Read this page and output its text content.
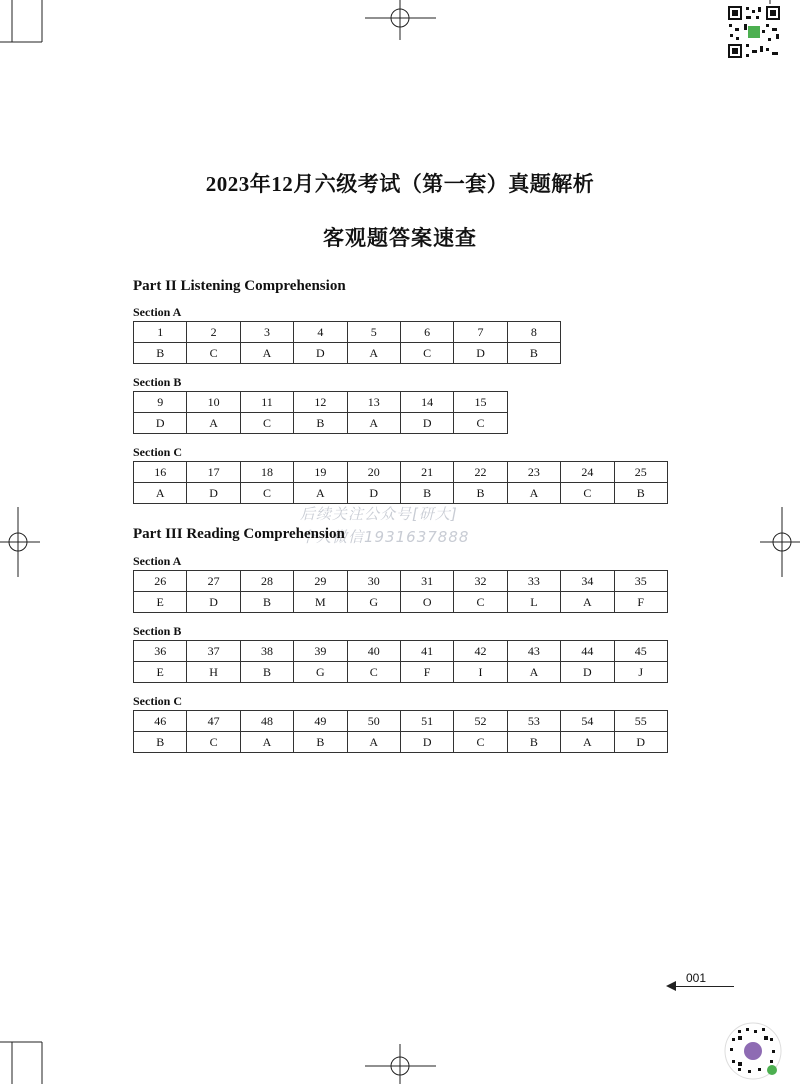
2023年12月六级考试（第一套）真题解析
客观题答案速查
Part II Listening Comprehension
Section A
1	2	3	4	5	6	7	8
B	C	A	D	A	C	D	B
Section B
9	10	11	12	13	14	15
D	A	C	B	A	D	C
Section C
16	17	18	19	20	21	22	23	24	25
A	D	C	A	D	B	B	A	C	B
后续关注公众号[研大]
个人微信1931637888
Part III Reading Comprehension
Section A
26	27	28	29	30	31	32	33	34	35
E	D	B	M	G	O	C	L	A	F
Section B
36	37	38	39	40	41	42	43	44	45
E	H	B	G	C	F	I	A	D	J
Section C
46	47	48	49	50	51	52	53	54	55
B	C	A	B	A	D	C	B	A	D
001
